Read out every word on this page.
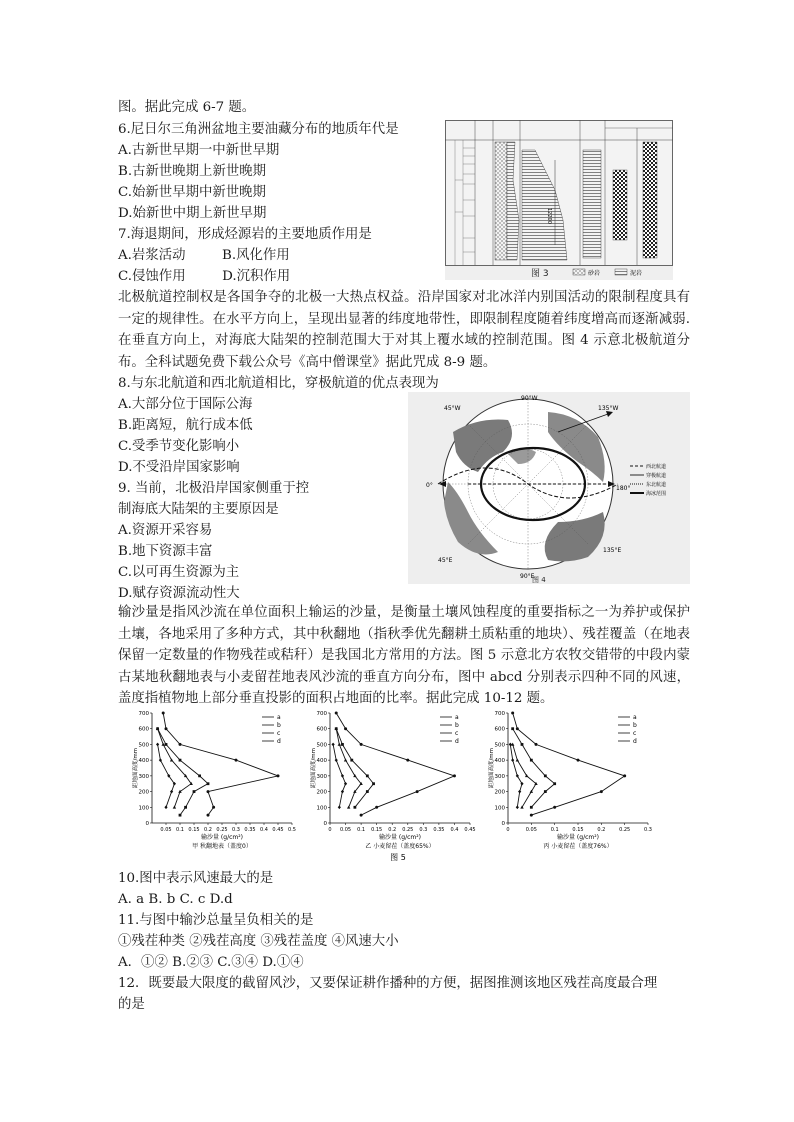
图。据此完成 6-7 题。
6.尼日尔三角洲盆地主要油藏分布的地质年代是
A.古新世早期一中新世早期
B.古新世晚期上新世晚期
C.始新世早期中新世晚期
D.始新世中期上新世早期
7.海退期间，形成烃源岩的主要地质作用是
A.岩浆活动	B.风化作用
C.侵蚀作用	D.沉积作用
12200
图 3	砂岩	泥岩
北极航道控制权是各国争夺的北极一大热点权益。沿岸国家对北冰洋内别国活动的限制程度具有一定的规律性。在水平方向上，呈现出显著的纬度地带性，即限制程度随着纬度增高而逐渐减弱. 在垂直方向上，对海底大陆架的控制范围大于对其上覆水域的控制范围。图 4 示意北极航道分布。全科试题免费下载公众号《高中僧课堂》据此咒成 8-9 题。
8.与东北航道和西北航道相比，穿极航道的优点表现为
A.大部分位于国际公海
B.距离短，航行成本低
C.受季节变化影响小
D.不受沿岸国家影响
9. 当前，北极沿岸国家侧重于控
制海底大陆架的主要原因是
A.资源开采容易
B.地下资源丰富
C.以可再生资源为主
D.赋存资源流动性大
90°W
135°W
45°W
0°	180°
45°E
135°E
90°E
西北航道
穿极航道
东北航道
海冰范围
图 4
输沙量是指风沙流在单位面积上输运的沙量，是衡量土壤风蚀程度的重要指标之一为养护或保护土壤，各地采用了多种方式，其中秋翻地（指秋季优先翻耕土质粘重的地块）、残茬覆盖（在地表保留一定数量的作物残茬或秸秆）是我国北方常用的方法。图 5 示意北方农牧交错带的中段内蒙古某地秋翻地表与小麦留茬地表风沙流的垂直方向分布，图中 abcd 分别表示四种不同的风速，盖度指植物地上部分垂直投影的面积占地面的比率。据此完成 10-12 题。
0
100
200
300
400
500
600
700
距地面高度/mm
0.05 0.1 0.15 0.2 0.25 0.3 0.35 0.4 0.45 0.5
输沙量 (g/cm²)
甲 秋翻地表（盖度0）
a
b
c
d
0
100
200
300
400
500
600
700
距地面高度/mm
0 0.05 0.1 0.15 0.2 0.25 0.3 0.35 0.4 0.45
输沙量 (g/cm²)
乙 小麦留茬（盖度65%）
a
b
c
d
0
100
200
300
400
500
600
700
距地面高度/mm
0	0.05	0.1	0.15	0.2	0.25	0.3
输沙量 (g/cm²)
丙 小麦留茬（盖度76%）
a
b
c
d
图 5
10.图中表示风速最大的是
A. a B. b C. c D.d
11.与图中输沙总量呈负相关的是
①残茬种类 ②残茬高度 ③残茬盖度 ④风速大小
A．①② B.②③ C.③④ D.①④
12．既要最大限度的截留风沙，又要保证耕作播种的方便，据图推测该地区残茬高度最合理
的是
